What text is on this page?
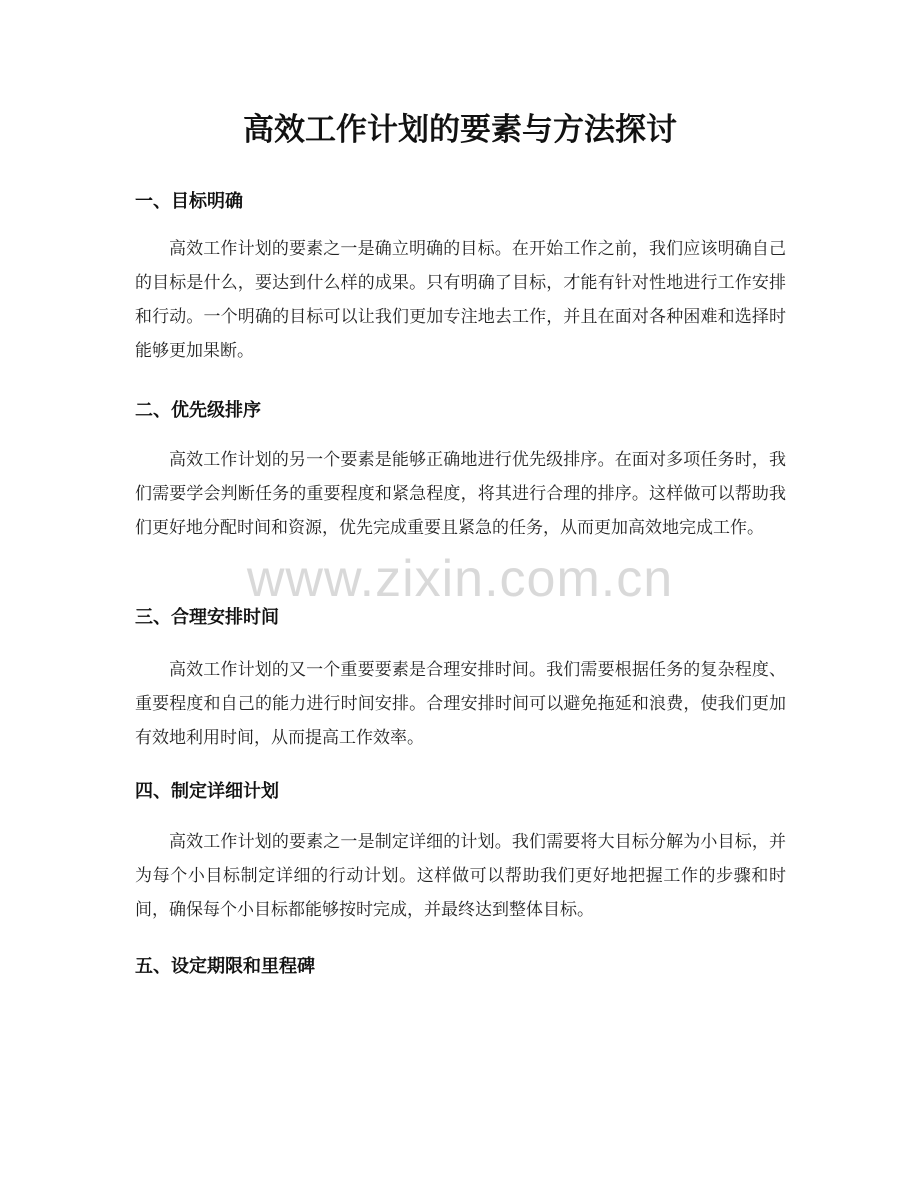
高效工作计划的要素与方法探讨
一、目标明确
高效工作计划的要素之一是确立明确的目标。在开始工作之前，我们应该明确自己的目标是什么，要达到什么样的成果。只有明确了目标，才能有针对性地进行工作安排和行动。一个明确的目标可以让我们更加专注地去工作，并且在面对各种困难和选择时能够更加果断。
二、优先级排序
高效工作计划的另一个要素是能够正确地进行优先级排序。在面对多项任务时，我们需要学会判断任务的重要程度和紧急程度，将其进行合理的排序。这样做可以帮助我们更好地分配时间和资源，优先完成重要且紧急的任务，从而更加高效地完成工作。
三、合理安排时间
高效工作计划的又一个重要要素是合理安排时间。我们需要根据任务的复杂程度、重要程度和自己的能力进行时间安排。合理安排时间可以避免拖延和浪费，使我们更加有效地利用时间，从而提高工作效率。
四、制定详细计划
高效工作计划的要素之一是制定详细的计划。我们需要将大目标分解为小目标，并为每个小目标制定详细的行动计划。这样做可以帮助我们更好地把握工作的步骤和时间，确保每个小目标都能够按时完成，并最终达到整体目标。
五、设定期限和里程碑
www.zixin.com.cn
